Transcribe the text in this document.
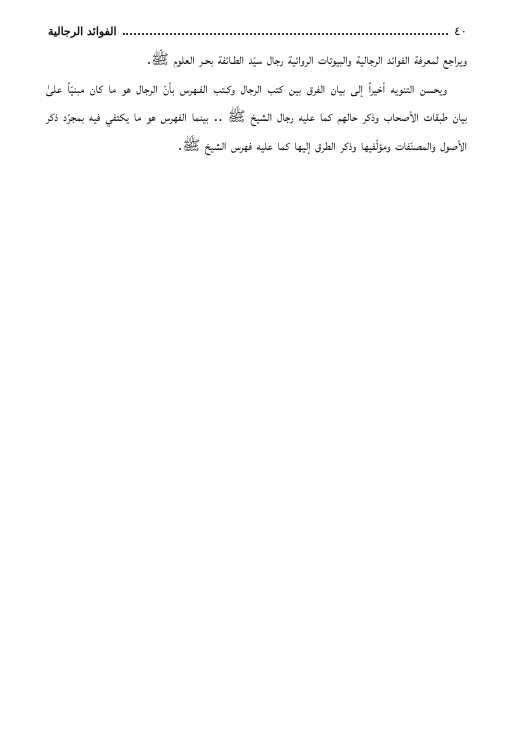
٤٠
الفوائد الرجالية

ويراجع لمعرفة الفوائد الرجالية والبيوتات الروائية رجال سيّد الطـائفة بحـر العلوم ﷺ.

ويحسن التنويه أخيراً إلى بيان الفرق بين كتب الرجال وكـتب الفـهرس بأنّ الرجال هو ما كان مبنيّاً علىٰ بيان طبقات الأصحاب وذكر حالهم كما عليه رجال الشيخ ﷺ .. بينما الفهرس هو ما يكتفي فيه بمجرّد ذكر الأصول والمصنّفات ومؤلّفيها وذكر الطرق إليها كما عليه فهرس الشيخ ﷺ.
